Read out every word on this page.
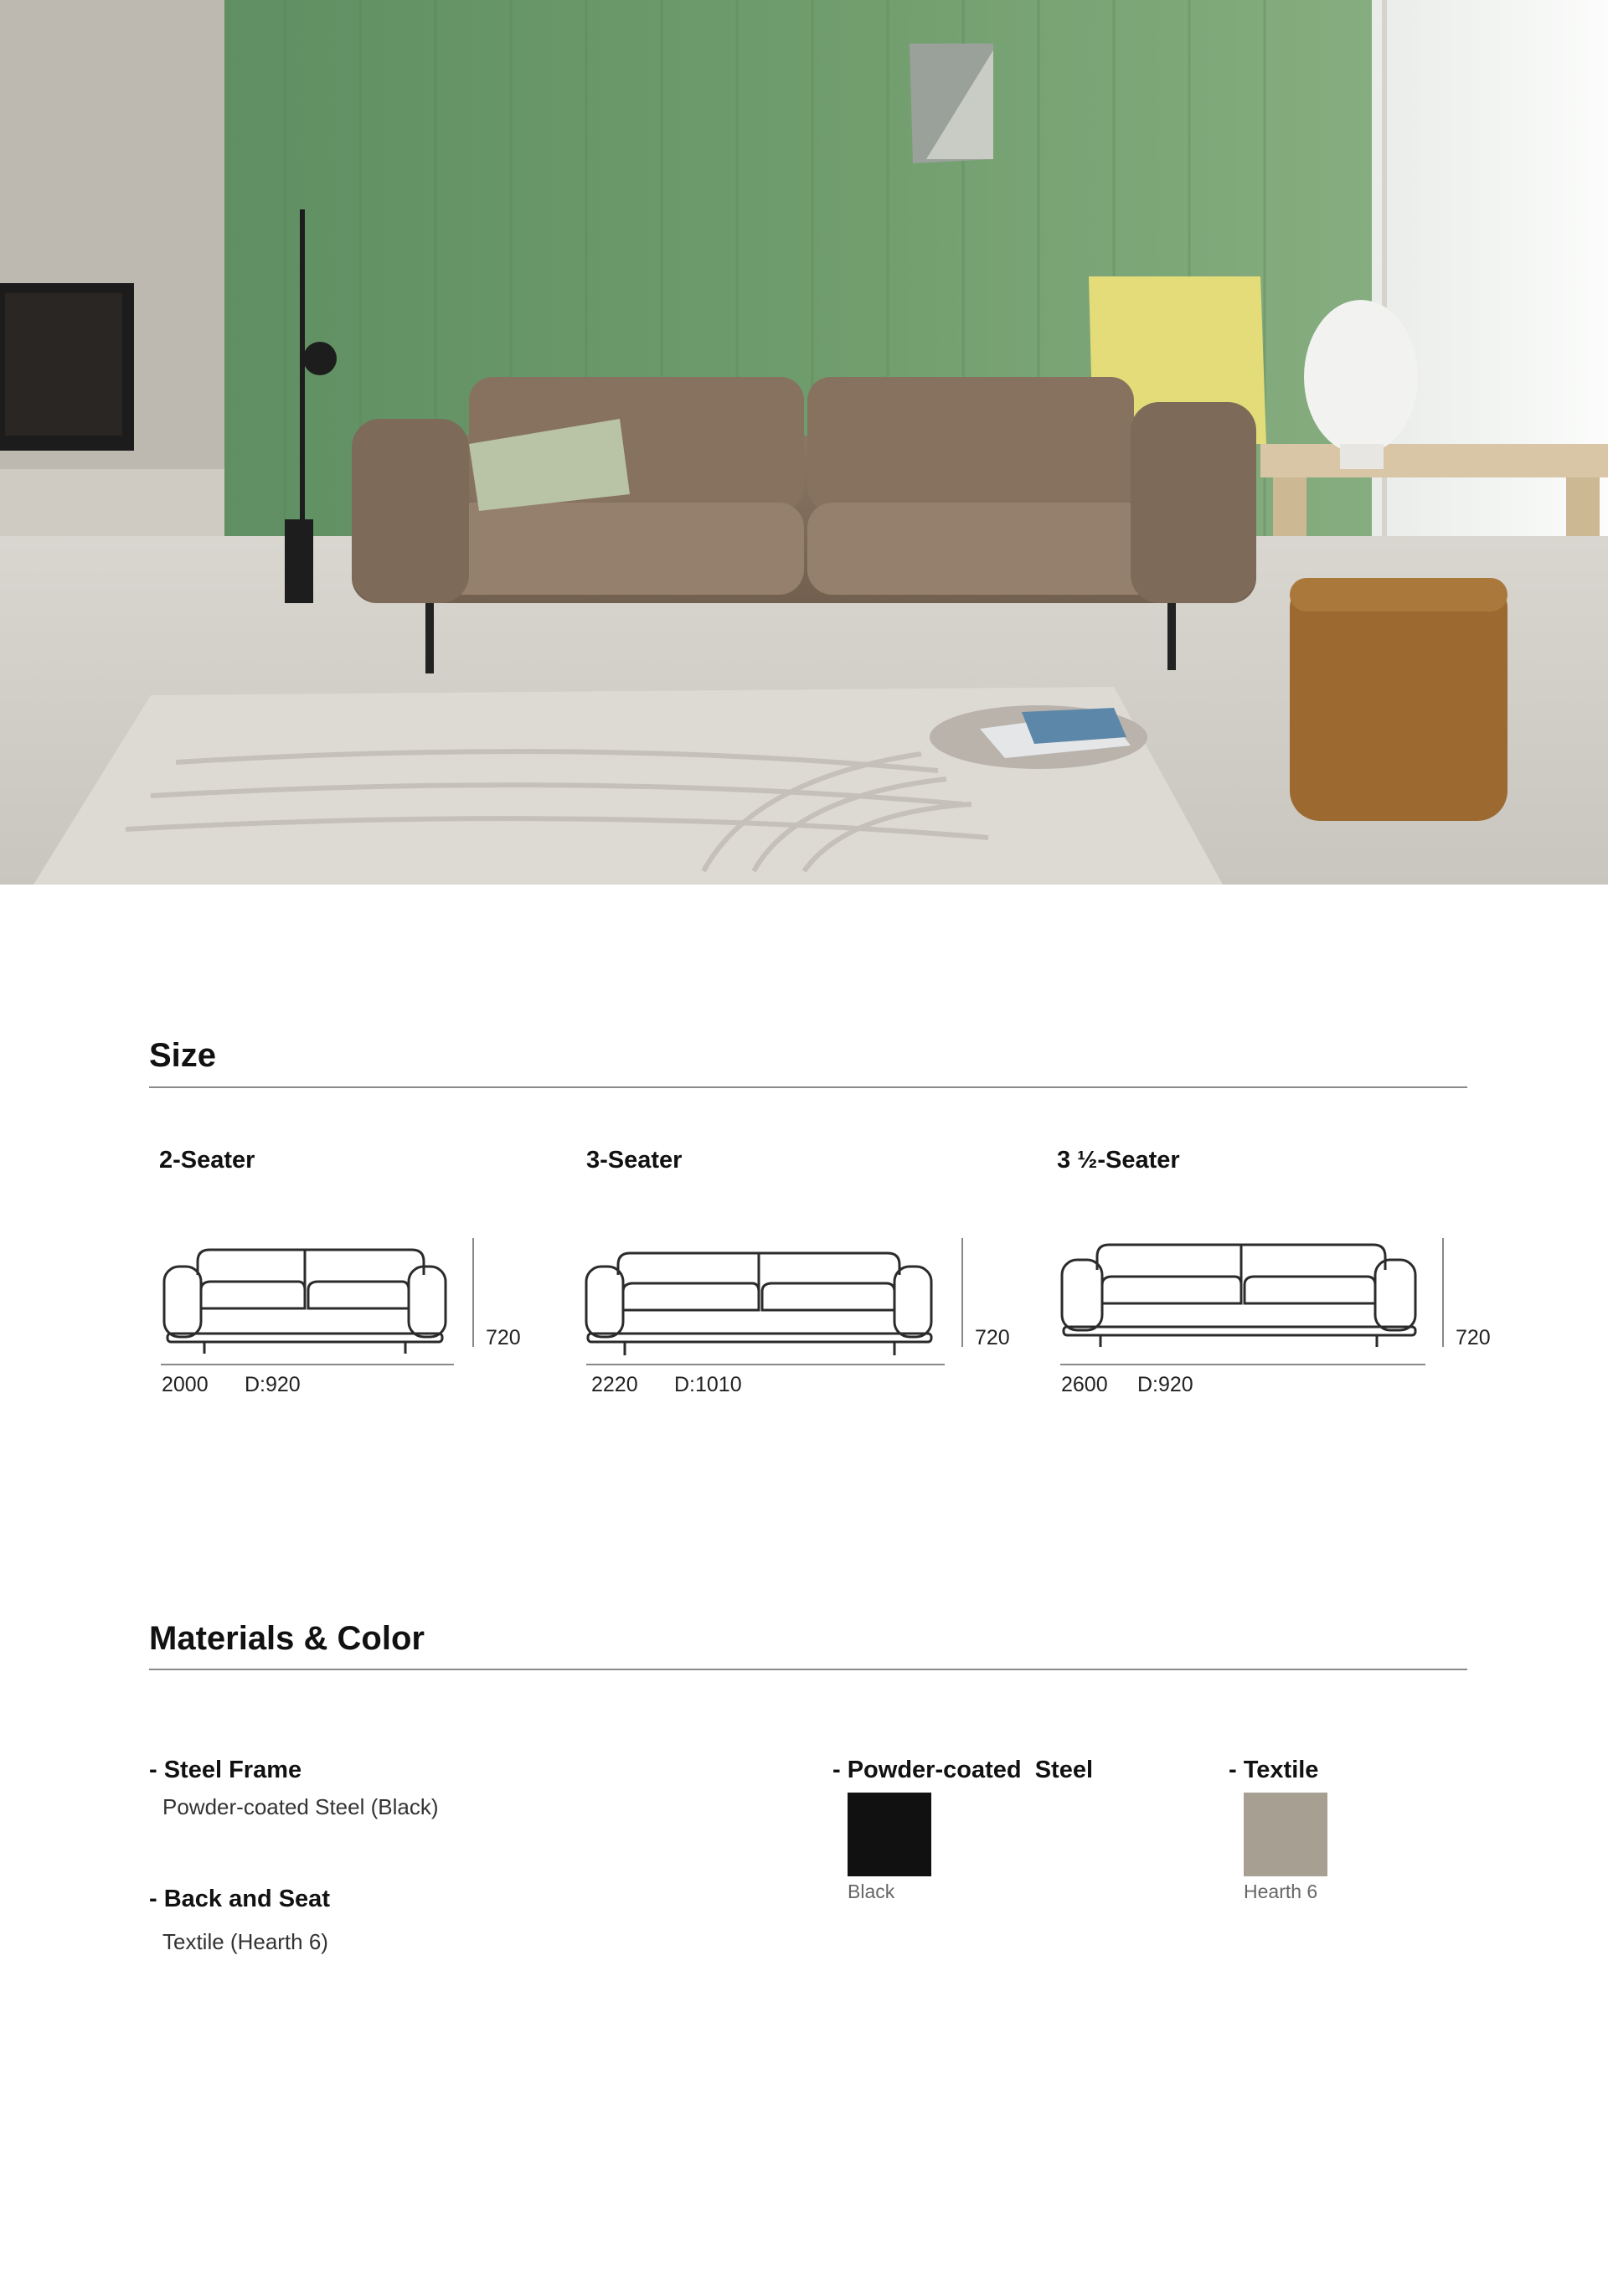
Size
2-Seater
2000 D:920
720
3-Seater
2220 D:1010
720
3 ½-Seater
2600 D:920
720
Materials & Color
- Steel Frame
Powder-coated Steel (Black)
- Back and Seat
Textile (Hearth 6)
- Powder-coated  Steel
Black
- Textile
Hearth 6
